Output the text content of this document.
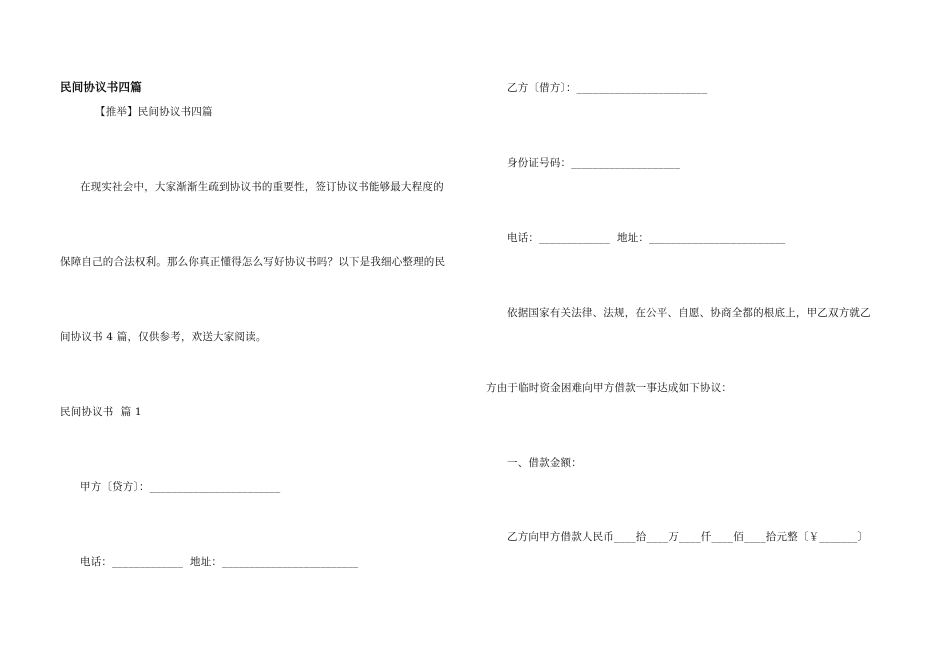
民间协议书四篇
【推举】民间协议书四篇
在现实社会中，大家渐渐生疏到协议书的重要性，签订协议书能够最大程度的
保障自己的合法权利。那么你真正懂得怎么写好协议书吗？以下是我细心整理的民
间协议书 4 篇，仅供参考，欢送大家阅读。
民间协议书  篇 1
甲方〔贷方〕：________________________
电话：_____________  地址：_________________________
乙方〔借方〕：________________________
身份证号码：____________________
电话：_____________  地址：_________________________
依据国家有关法律、法规，在公平、自愿、协商全都的根底上，甲乙双方就乙
方由于临时资金困难向甲方借款一事达成如下协议：
一、借款金额：
乙方向甲方借款人民币____拾____万____仟____佰____拾元整〔￥_______〕
